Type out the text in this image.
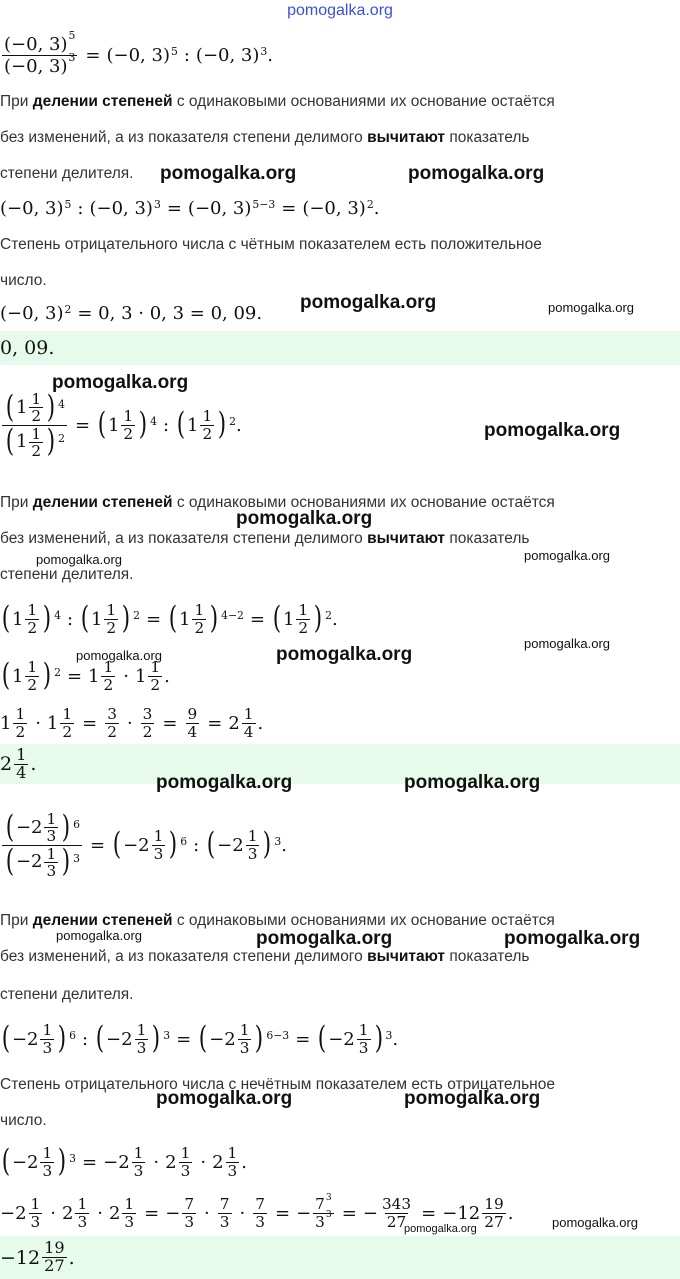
pomogalka.org
$\frac{(-0, 3)^5}{(-0, 3)^3}$ = ( −0, 3 ) 5 : ( −0, 3 ) 3 .
При делении степеней с одинаковыми основаниями их основание остаётся
без изменений, а из показателя степени делимого вычитают показатель
степени делителя.
( −0, 3 ) 5 : ( −0, 3 ) 3 = ( −0, 3 ) 5−3 = ( −0, 3 ) 2 .
Степень отрицательного числа с чётным показателем есть положительное
число.
( −0, 3 ) 2 = 0, 3 · 0, 3 = 0, 09.
0, 09.
$\frac{( 1 \frac{1}{2} ) 4}{( 1 \frac{1}{2} ) 2}$ = ( $1 \frac{1}{2}$ ) 4 : ( $1 \frac{1}{2}$ ) 2 .
При делении степеней с одинаковыми основаниями их основание остаётся
без изменений, а из показателя степени делимого вычитают показатель
степени делителя.
( $1 \frac{1}{2}$ ) 4 : ( $1 \frac{1}{2}$ ) 2 = ( $1 \frac{1}{2}$ ) 4−2 = ( $1 \frac{1}{2}$ ) 2 .
( $1 \frac{1}{2}$ ) $2 = 1 \frac{1}{2} \cdot 1 \frac{1}{2}$ .
$1 \frac{1}{2} \cdot 1 \frac{1}{2} = \frac{3}{2} \cdot \frac{3}{2} = \frac{9}{4} = 2 \frac{1}{4}$ .
$2 \frac{1}{4}$ .
$\frac{( -2 \frac{1}{3} ) 6}{( -2 \frac{1}{3} ) 3}$ = ( $-2 \frac{1}{3}$ ) 6 : ( $-2 \frac{1}{3}$ ) 3 .
При делении степеней с одинаковыми основаниями их основание остаётся
без изменений, а из показателя степени делимого вычитают показатель
степени делителя.
( $-2 \frac{1}{3}$ ) 6 : ( $-2 \frac{1}{3}$ ) 3 = ( $-2 \frac{1}{3}$ ) 6−3 = ( $-2 \frac{1}{3}$ ) 3 .
Степень отрицательного числа с нечётным показателем есть отрицательное
число.
( $-2 \frac{1}{3}$ ) $3 = -2 \frac{1}{3} \cdot 2 \frac{1}{3} \cdot 2 \frac{1}{3}$ .
$-2 \frac{1}{3} \cdot 2 \frac{1}{3} \cdot 2 \frac{1}{3}$ = − $\frac{7}{3} \cdot \frac{7}{3} \cdot \frac{7}{3}$ = − $\frac{7^3}{3^3}$ = − $\frac{343}{27} = -12 \frac{19}{27}$ .
$-12 \frac{19}{27}$ .
pomogalka.org	pomogalka.org
pomogalka.org	pomogalka.org
pomogalka.org
pomogalka.org
pomogalka.org
pomogalka.org	pomogalka.org
pomogalka.org
pomogalka.org	pomogalka.org
pomogalka.org	pomogalka.org
pomogalka.org	pomogalka.org	pomogalka.org
pomogalka.org	pomogalka.org
pomogalka.org
pomogalka.org
